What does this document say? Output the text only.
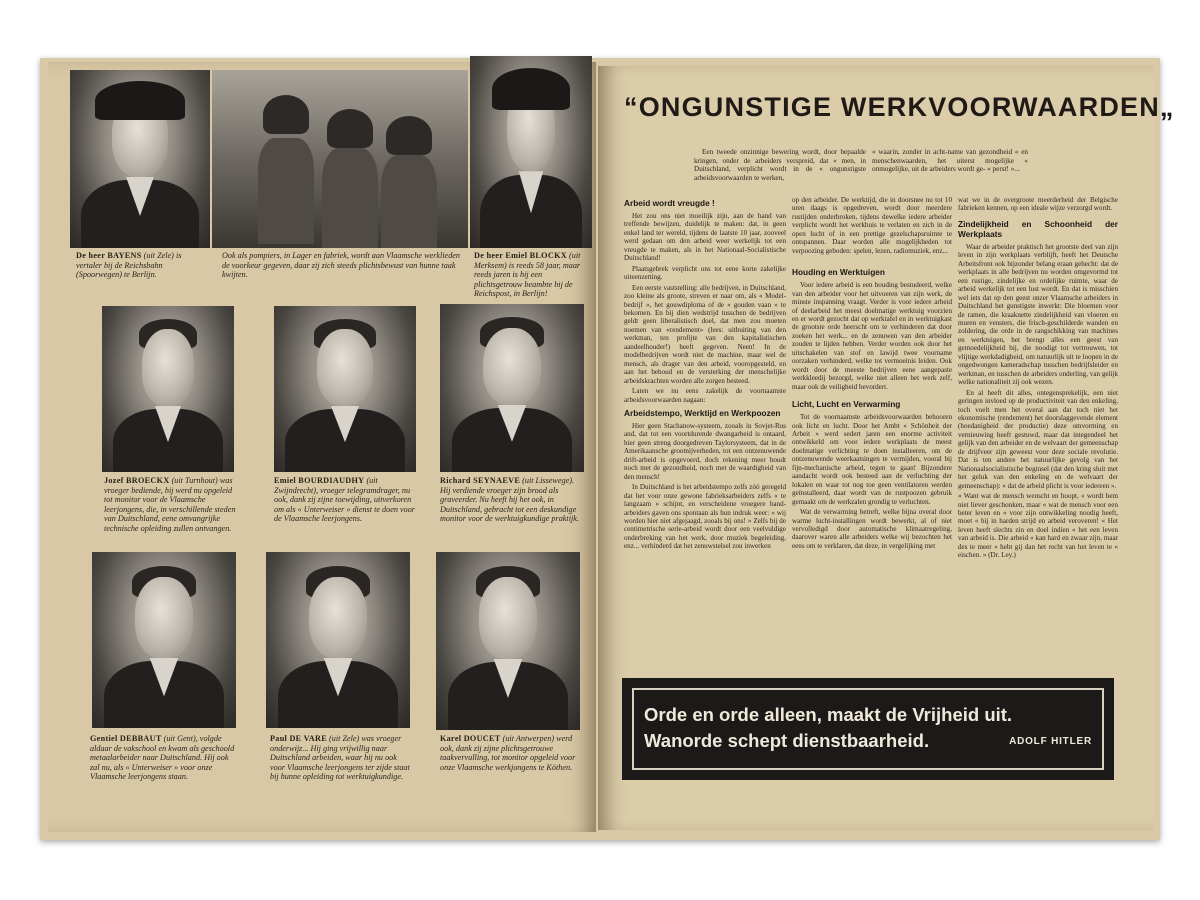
De heer BAYENS (uit Zele) is vertaler bij de Reichsbahn (Spoorwegen) te Berlijn.
Ook als pompiers, in Lager en fabriek, wordt aan Vlaamsche werklieden de voorkeur gegeven, daar zij zich steeds plichtsbewust van hunne taak kwijten.
De heer Emiel BLOCKX (uit Merksem) is reeds 58 jaar, maar reeds jaren is hij een plichtsgetrouw beambte bij de Reichspost, in Berlijn!
Jozef BROECKX (uit Turnhout) was vroeger bediende, hij werd nu opgeleid tot monitor voor de Vlaamsche leerjongens, die, in verschillende steden van Duitschland, eene omvangrijke technische opleiding zullen ontvangen.
Emiel BOURDIAUDHY (uit Zwijndrecht), vroeger telegramdrager, nu ook, dank zij zijne toewijding, uitverkoren om als « Unterweiser » dienst te doen voor de Vlaamsche leerjongens.
Richard SEYNAEVE (uit Lissewege). Hij verdiende vroeger zijn brood als graveerder. Nu heeft hij het ook, in Duitschland, gebracht tot een deskundige monitor voor de werktuigkundige praktijk.
Gentiel DEBBAUT (uit Gent), volgde aldaar de vakschool en kwam als geschoold metaalarbeider naar Duitschland. Hij ook zal nu, als « Unterweiser » voor onze Vlaamsche leerjongens staan.
Paul DE VARE (uit Zele) was vroeger onderwijz... Hij ging vrijwillig naar Duitschland arbeiden, waar hij nu ook voor Vlaamsche leerjongens ter zijde staat bij hunne opleiding tot werktuigkundige.
Karel DOUCET (uit Antwerpen) werd ook, dank zij zijne plichtsgetrouwe taakvervulling, tot monitor opgeleid voor onze Vlaamsche werkjongens te Köthen.
“ONGUNSTIGE WERKVOORWAARDEN„
Een tweede onzinnige bewering wordt, door bepaalde kringen, onder de arbeiders verspreid, dat « men, in Duitschland, verplicht wordt in de « ongunstigste arbeidsvoorwaarden te werken,
« waarin, zonder in acht-name van gezondheid « en menschenwaarden, het uiterst mogelijke « onmogelijke, uit de arbeiders wordt ge- « perst! »...
Arbeid wordt vreugde !

Het zou ons niet moeilijk zijn, aan de hand van treffende bewijzen, duidelijk te maken: dat, in geen enkel land ter wereld, tijdens de laatste 10 jaar, zooveel werd gedaan om den arbeid weer werkelijk tot een vreugde te maken, als in het Nationaal-Socialistische Duitschland!

Plaatsgebrek verplicht ons tot eene korte zakelijke uiteenzetting.

Een eerste vaststelling: alle bedrijven, in Duitschland, zoo kleine als groote, streven er naar om, als « Model-bedrijf », het gouwdiploma of de « gouden vaan » te bekomen. En bij dien wedstrijd tusschen de bedrijven geldt geen liberalistisch doel, dat men zou moeten noemen van «rendement» (lees: uitbuiting van den werkman, ten profijte van den kapitalistischen aandeelhouder!) heeft gegeven. Neen! In de modelbedrijven wordt niet de machine, maar wel de mensch, als drager van den arbeid, vooropgesteld, en aan het behoud en de versterking der menschelijke arbeidskrachten worden alle zorgen besteed.

Laten we nu eens zakelijk de voornaamste arbeidsvoorwaarden nagaan:

Arbeidstempo, Werktijd en Werkpoozen

Hier geen Stachanow-systeem, zooals in Sovjet-Rus and, dat tot een voortdurende dwangarbeid is ontaard, hier geen streng doorgedreven Taylorsysteem, dat in de Amerikaansche grootnijverheden, tot een ontzenuwende drift-arbeid is opgevoerd, doch rekening meer houdt noch met de gezondheid, noch met de waardigheid van den mensch!

In Duitschland is het arbeidstempo zelfs zóó geregeld dat het voor onze gewone fabrieksarbeiders zelfs « te langzaam » schijnt, en verscheidene vroegere band-arbeiders gaven ons spontaan als hun indruk weer: « wij worden hier niet afgejaagd, zooals bij ons! » Zelfs bij de centimetrische serie-arbeid wordt door een veelvuldige onderbreking van het werk, door muziek begeleiding, enz... verhinderd dat het zenuwstelsel zou inwerken

op den arbeider. De werktijd, die in doorsnee nu tot 10 uren daags is opgedreven, wordt door meerdere rustijden onderbroken, tijdens dewelke iedere arbeider verplicht wordt het werkhuis te verlaten en zich in de open lucht of in een prettige gezelschapsruimte te ontspannen. Daar worden alle mogelijkheden tot verpoozing geboden: spelen, lezen, radiomuziek, enz...

Houding en Werktuigen

Voor iedere arbeid is een houding bestudeerd, welke van den arbeider voor het uitvoeren van zijn werk, de minste inspanning vraagt. Verder is voor iedere arbeid of deelarbeid het meest doelmatige werktuig voorzien en er wordt gezocht dat op werktafel en in werktuigkast de grootste orde heerscht om te verhinderen dat door zoeken het werk... en de zenuwen van den arbeider zouden te lijden hebben. Verder worden ook door het uitschakelen van stof en lawijd twee voorname oorzaken verhinderd, welke tot vermoeinis leiden. Ook wordt door de meeste bedrijven eene aangepaste werkkleedij bezorgd, welke niet alleen het werk zelf, maar ook de veiligheid bevordert.

Licht, Lucht en Verwarming

Tot de voornaamste arbeidsvoorwaarden behooren ook licht en lucht. Door het Ambt « Schönheit der Arbeit » werd sedert jaren een enorme activiteit ontwikkeld om voor iedere werkplaats de meest doelmatige verlichting te doen installeeren, om de ontzenuwende weerkaatsingen te vermijden, vooral bij fijn-mechanische arbeid, tegen te gaan! Bijzondere aandacht wordt ook besteed aan de verluchting der lokalen en waar tot nog toe geen ventilatoren werden geïnstalleerd, daar wordt van de rustpoozen gebruik gemaakt om de werkzalen grondig te verluchten.

Wat de verwarming betreft, welke bijna overal door warme lucht-installingen wordt bewerkt, al of niet vervolledigd door automatische klimaatregeling, daarover waren alle arbeiders welke wij bezochten het eens om te verklaren, dat deze, in vergelijking met

wat we in de overgroote meerderheid der Belgische fabrieken kennen, op een ideale wijze verzorgd wordt.

Zindelijkheid en Schoonheid der Werkplaats

Waar de arbeider praktisch het grootste deel van zijn leven in zijn werkplaats verblijft, heeft het Deutsche Arbeitsfront ook bijzonder belang eraan gehecht: dat de werkplaats in alle bedrijven nu worden omgevormd tot een rustige, zindelijke en ordelijke ruimte, waar de arbeid werkelijk tot een lust wordt. En dat is misschien wel iets dat op den geest onzer Vlaamsche arbeiders in Duitschland het gunstigste inwerkt: Die bloemen voor de ramen, die kraaknette zindelijkheid van vloeren en muren en vensters, die frisch-geschilderde wanden en zoldering, die orde in de rangschikking van machines en werktuigen, het brengt alles een geest van gemoedelijkheid bij, die noodigt tot vertrouwen, tot vlijtige werkdadigheid, om natuurlijk uit te loopen in de ongedwongen kameradschap tusschen bedrijfsleider en werkman, en tusschen de arbeiders onderling, van gelijk welke nationaliteit zij ook wezen.

En al heeft dit alles, ontegensprekelijk, een niet geringen invloed op de productiviteit van den enkeling, toch voelt men het overal aan dat toch niet het ekonomische (rendement) het doorslaggevende element (hoedanigheid der productie) deze omvorming en vernieuwing heeft gestuwd, maar dat integendeel het gelijk van den arbeider en de welvaart der gemeenschap de drijfveer zijn geweest voor deze sociale revolutie. Dat is ten andere het natuurlijke gevolg van het Nationaalsocialistische beginsel (dat den kring sluit met het geluk van den enkeling en de welvaart der gemeenschap): « dat de arbeid plicht is voor iedereen ».

« Want wat de mensch wenscht en hoopt, « wordt hem niet liever geschonken, maar « wat de mensch voor een beter leven en « voor zijn ontwikkeling noodig heeft, moet « hij in harden strijd en arbeid veroveren! « Het leven heeft slechts zin en doel indien « het een leven van arbeid is. Die arbeid « kan hard en zwaar zijn, maar des te meer « hebt gij dan het recht van het leven te « eischen. » (Dr. Ley.)

Orde en orde alleen, maakt de Vrijheid uit.
Wanorde schept dienstbaarheid.	ADOLF HITLER
